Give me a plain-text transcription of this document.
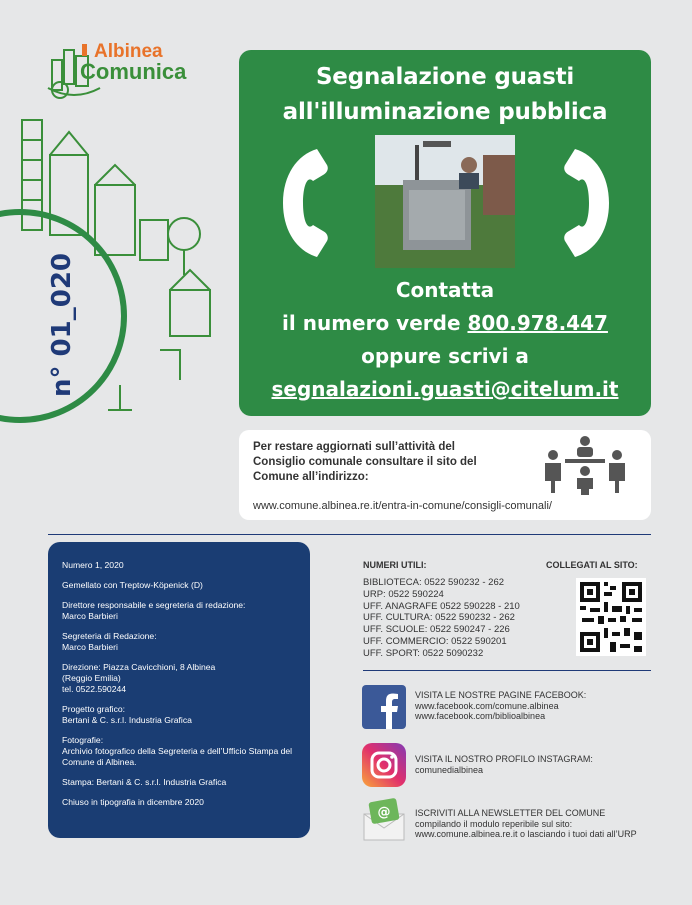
Albinea
Comunica
n° 01_020
Segnalazione guasti
all'illuminazione pubblica
Contatta
il numero verde 800.978.447
oppure scrivi a
segnalazioni.guasti@citelum.it
Per restare aggiornati sull’attività del Consiglio comunale consultare il sito del Comune all’indirizzo:
www.comune.albinea.re.it/entra-in-comune/consigli-comunali/

Numero 1, 2020

Gemellato con Treptow-Köpenick (D)

Direttore responsabile e segreteria di redazione:
Marco Barbieri

Segreteria di Redazione:
Marco Barbieri

Direzione: Piazza Cavicchioni, 8 Albinea
(Reggio Emilia)
tel. 0522.590244

Progetto grafico:
Bertani & C. s.r.l. Industria Grafica

Fotografie:
Archivio fotografico della Segreteria e dell’Ufficio Stampa del Comune di Albinea.

Stampa: Bertani & C. s.r.l. Industria Grafica

Chiuso in tipografia in dicembre 2020

NUMERI UTILI:
BIBLIOTECA: 0522 590232 - 262
URP: 0522 590224
UFF. ANAGRAFE 0522 590228 - 210
UFF. CULTURA: 0522 590232 - 262
UFF. SCUOLE: 0522 590247 - 226
UFF. COMMERCIO: 0522 590201
UFF. SPORT: 0522 5090232
COLLEGATI AL SITO:
VISITA LE NOSTRE PAGINE FACEBOOK:
www.facebook.com/comune.albinea
www.facebook.com/biblioalbinea
VISITA IL NOSTRO PROFILO INSTAGRAM:
comunedialbinea
@	ISCRIVITI ALLA NEWSLETTER DEL COMUNE
compilando il modulo reperibile sul sito:
www.comune.albinea.re.it o lasciando i tuoi dati all’URP
